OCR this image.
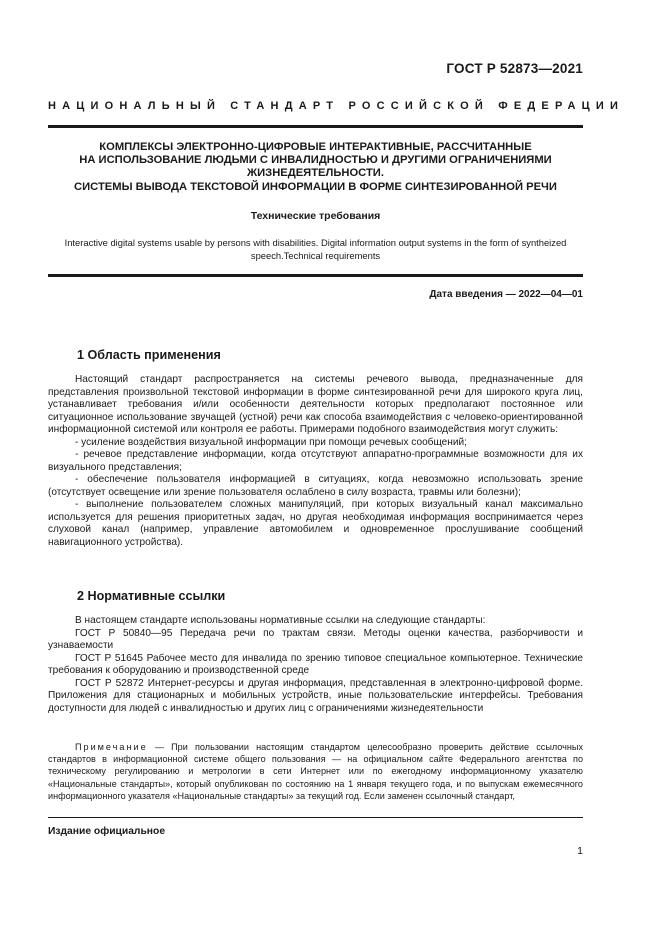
ГОСТ Р 52873—2021
НАЦИОНАЛЬНЫЙ СТАНДАРТ РОССИЙСКОЙ ФЕДЕРАЦИИ
КОМПЛЕКСЫ ЭЛЕКТРОННО-ЦИФРОВЫЕ ИНТЕРАКТИВНЫЕ, РАССЧИТАННЫЕ
НА ИСПОЛЬЗОВАНИЕ ЛЮДЬМИ С ИНВАЛИДНОСТЬЮ И ДРУГИМИ ОГРАНИЧЕНИЯМИ
ЖИЗНЕДЕЯТЕЛЬНОСТИ.
СИСТЕМЫ ВЫВОДА ТЕКСТОВОЙ ИНФОРМАЦИИ В ФОРМЕ СИНТЕЗИРОВАННОЙ РЕЧИ
Технические требования
Interactive digital systems usable by persons with disabilities. Digital information output systems in the form of syntheized
speech.Technical requirements
Дата введения — 2022—04—01
1 Область применения

Настоящий стандарт распространяется на системы речевого вывода, предназначенные для представления произвольной текстовой информации в форме синтезированной речи для широкого круга лиц, устанавливает требования и/или особенности деятельности которых предполагают постоянное или ситуационное использование звучащей (устной) речи как способа взаимодействия с человеко-ориентированной информационной системой или контроля ее работы. Примерами подобного взаимодействия могут служить:

- усиление воздействия визуальной информации при помощи речевых сообщений;

- речевое представление информации, когда отсутствуют аппаратно-программные возможности для их визуального представления;

- обеспечение пользователя информацией в ситуациях, когда невозможно использовать зрение (отсутствует освещение или зрение пользователя ослаблено в силу возраста, травмы или болезни);

- выполнение пользователем сложных манипуляций, при которых визуальный канал максимально используется для решения приоритетных задач, но другая необходимая информация воспринимается через слуховой канал (например, управление автомобилем и одновременное прослушивание сообщений навигационного устройства).

2 Нормативные ссылки

В настоящем стандарте использованы нормативные ссылки на следующие стандарты:

ГОСТ Р 50840—95 Передача речи по трактам связи. Методы оценки качества, разборчивости и узнаваемости

ГОСТ Р 51645 Рабочее место для инвалида по зрению типовое специальное компьютерное. Технические требования к оборудованию и производственной среде

ГОСТ Р 52872 Интернет-ресурсы и другая информация, представленная в электронно-цифровой форме. Приложения для стационарных и мобильных устройств, иные пользовательские интерфейсы. Требования доступности для людей с инвалидностью и других лиц с ограничениями жизнедеятельности

Примечание — При пользовании настоящим стандартом целесообразно проверить действие ссылочных стандартов в информационной системе общего пользования — на официальном сайте Федерального агентства по техническому регулированию и метрологии в сети Интернет или по ежегодному информационному указателю «Национальные стандарты», который опубликован по состоянию на 1 января текущего года, и по выпускам ежемесячного информационного указателя «Национальные стандарты» за текущий год. Если заменен ссылочный стандарт,

Издание официальное
1
